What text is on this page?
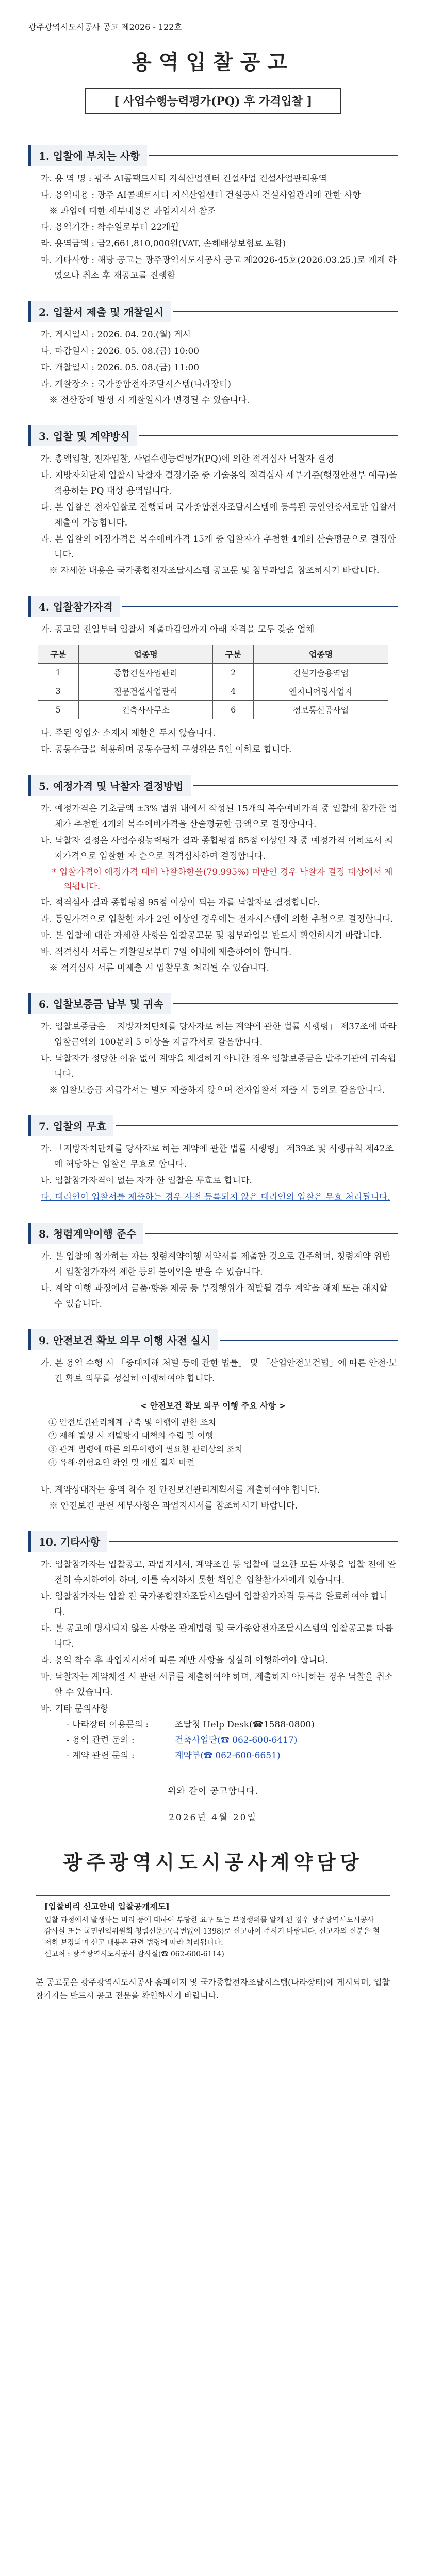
광주광역시도시공사 공고 제2026 - 122호
용역입찰공고
[ 사업수행능력평가(PQ) 후 가격입찰 ]
1. 입찰에 부치는 사항
가. 용 역 명 : 광주 AI콤팩트시티 지식산업센터 건설사업 건설사업관리용역
나. 용역내용 : 광주 AI콤팩트시티 지식산업센터 건설공사 건설사업관리에 관한 사항
※ 과업에 대한 세부내용은 과업지시서 참조
다. 용역기간 : 착수일로부터 22개월
라. 용역금액 : 금2,661,810,000원(VAT, 손해배상보험료 포함)
마. 기타사항 : 해당 공고는 광주광역시도시공사 공고 제2026-45호(2026.03.25.)로 게재 하였으나 취소 후 재공고를 진행함
2. 입찰서 제출 및 개찰일시
가. 게시일시 : 2026. 04. 20.(월) 게시
나. 마감일시 : 2026. 05. 08.(금) 10:00
다. 개찰일시 : 2026. 05. 08.(금) 11:00
라. 개찰장소 : 국가종합전자조달시스템(나라장터)
※ 전산장애 발생 시 개찰일시가 변경될 수 있습니다.
3. 입찰 및 계약방식
가. 총액입찰, 전자입찰, 사업수행능력평가(PQ)에 의한 적격심사 낙찰자 결정
나. 지방자치단체 입찰시 낙찰자 결정기준 중 기술용역 적격심사 세부기준(행정안전부 예규)을 적용하는 PQ 대상 용역입니다.
다. 본 입찰은 전자입찰로 진행되며 국가종합전자조달시스템에 등록된 공인인증서로만 입찰서 제출이 가능합니다.
라. 본 입찰의 예정가격은 복수예비가격 15개 중 입찰자가 추첨한 4개의 산술평균으로 결정합니다.
※ 자세한 내용은 국가종합전자조달시스템 공고문 및 첨부파일을 참조하시기 바랍니다.
4. 입찰참가자격
가. 공고일 전일부터 입찰서 제출마감일까지 아래 자격을 모두 갖춘 업체
구분	업종명	구분	업종명
1	종합건설사업관리	2	건설기술용역업
3	전문건설사업관리	4	엔지니어링사업자
5	건축사사무소	6	정보통신공사업
나. 주된 영업소 소재지 제한은 두지 않습니다.
다. 공동수급을 허용하며 공동수급체 구성원은 5인 이하로 합니다.
5. 예정가격 및 낙찰자 결정방법
가. 예정가격은 기초금액 ±3% 범위 내에서 작성된 15개의 복수예비가격 중 입찰에 참가한 업체가 추첨한 4개의 복수예비가격을 산술평균한 금액으로 결정합니다.
나. 낙찰자 결정은 사업수행능력평가 결과 종합평점 85점 이상인 자 중 예정가격 이하로서 최저가격으로 입찰한 자 순으로 적격심사하여 결정합니다.
* 입찰가격이 예정가격 대비 낙찰하한율(79.995%) 미만인 경우 낙찰자 결정 대상에서 제외됩니다.
다. 적격심사 결과 종합평점 95점 이상이 되는 자를 낙찰자로 결정합니다.
라. 동일가격으로 입찰한 자가 2인 이상인 경우에는 전자시스템에 의한 추첨으로 결정합니다.
마. 본 입찰에 대한 자세한 사항은 입찰공고문 및 첨부파일을 반드시 확인하시기 바랍니다.
바. 적격심사 서류는 개찰일로부터 7일 이내에 제출하여야 합니다.
※ 적격심사 서류 미제출 시 입찰무효 처리될 수 있습니다.
6. 입찰보증금 납부 및 귀속
가. 입찰보증금은 「지방자치단체를 당사자로 하는 계약에 관한 법률 시행령」 제37조에 따라 입찰금액의 100분의 5 이상을 지급각서로 갈음합니다.
나. 낙찰자가 정당한 이유 없이 계약을 체결하지 아니한 경우 입찰보증금은 발주기관에 귀속됩니다.
※ 입찰보증금 지급각서는 별도 제출하지 않으며 전자입찰서 제출 시 동의로 갈음합니다.
7. 입찰의 무효
가. 「지방자치단체를 당사자로 하는 계약에 관한 법률 시행령」 제39조 및 시행규칙 제42조에 해당하는 입찰은 무효로 합니다.
나. 입찰참가자격이 없는 자가 한 입찰은 무효로 합니다.
다. 대리인이 입찰서를 제출하는 경우 사전 등록되지 않은 대리인의 입찰은 무효 처리됩니다.
8. 청렴계약이행 준수
가. 본 입찰에 참가하는 자는 청렴계약이행 서약서를 제출한 것으로 간주하며, 청렴계약 위반 시 입찰참가자격 제한 등의 불이익을 받을 수 있습니다.
나. 계약 이행 과정에서 금품·향응 제공 등 부정행위가 적발될 경우 계약을 해제 또는 해지할 수 있습니다.
9. 안전보건 확보 의무 이행 사전 실시
가. 본 용역 수행 시 「중대재해 처벌 등에 관한 법률」 및 「산업안전보건법」에 따른 안전·보건 확보 의무를 성실히 이행하여야 합니다.
< 안전보건 확보 의무 이행 주요 사항 >
① 안전보건관리체계 구축 및 이행에 관한 조치
② 재해 발생 시 재발방지 대책의 수립 및 이행
③ 관계 법령에 따른 의무이행에 필요한 관리상의 조치
④ 유해·위험요인 확인 및 개선 절차 마련
나. 계약상대자는 용역 착수 전 안전보건관리계획서를 제출하여야 합니다.
※ 안전보건 관련 세부사항은 과업지시서를 참조하시기 바랍니다.
10. 기타사항
가. 입찰참가자는 입찰공고, 과업지시서, 계약조건 등 입찰에 필요한 모든 사항을 입찰 전에 완전히 숙지하여야 하며, 이를 숙지하지 못한 책임은 입찰참가자에게 있습니다.
나. 입찰참가자는 입찰 전 국가종합전자조달시스템에 입찰참가자격 등록을 완료하여야 합니다.
다. 본 공고에 명시되지 않은 사항은 관계법령 및 국가종합전자조달시스템의 입찰공고를 따릅니다.
라. 용역 착수 후 과업지시서에 따른 제반 사항을 성실히 이행하여야 합니다.
마. 낙찰자는 계약체결 시 관련 서류를 제출하여야 하며, 제출하지 아니하는 경우 낙찰을 취소할 수 있습니다.
바. 기타 문의사항
- 나라장터 이용문의 :	조달청 Help Desk(☎1588-0800)
- 용역 관련 문의 :	건축사업단(☎ 062-600-6417)
- 계약 관련 문의 :	계약부(☎ 062-600-6651)
위와 같이 공고합니다.
2026년 4월 20일
광주광역시도시공사계약담당
[입찰비리 신고안내 입찰공개제도]
입찰 과정에서 발생하는 비리 등에 대하여 부당한 요구 또는 부정행위를 알게 된 경우 광주광역시도시공사 감사실 또는 국민권익위원회 청렴신문고(국번없이 1398)로 신고하여 주시기 바랍니다. 신고자의 신분은 철저히 보장되며 신고 내용은 관련 법령에 따라 처리됩니다.
신고처 : 광주광역시도시공사 감사실(☎ 062-600-6114)
본 공고문은 광주광역시도시공사 홈페이지 및 국가종합전자조달시스템(나라장터)에 게시되며, 입찰 참가자는 반드시 공고 전문을 확인하시기 바랍니다.
